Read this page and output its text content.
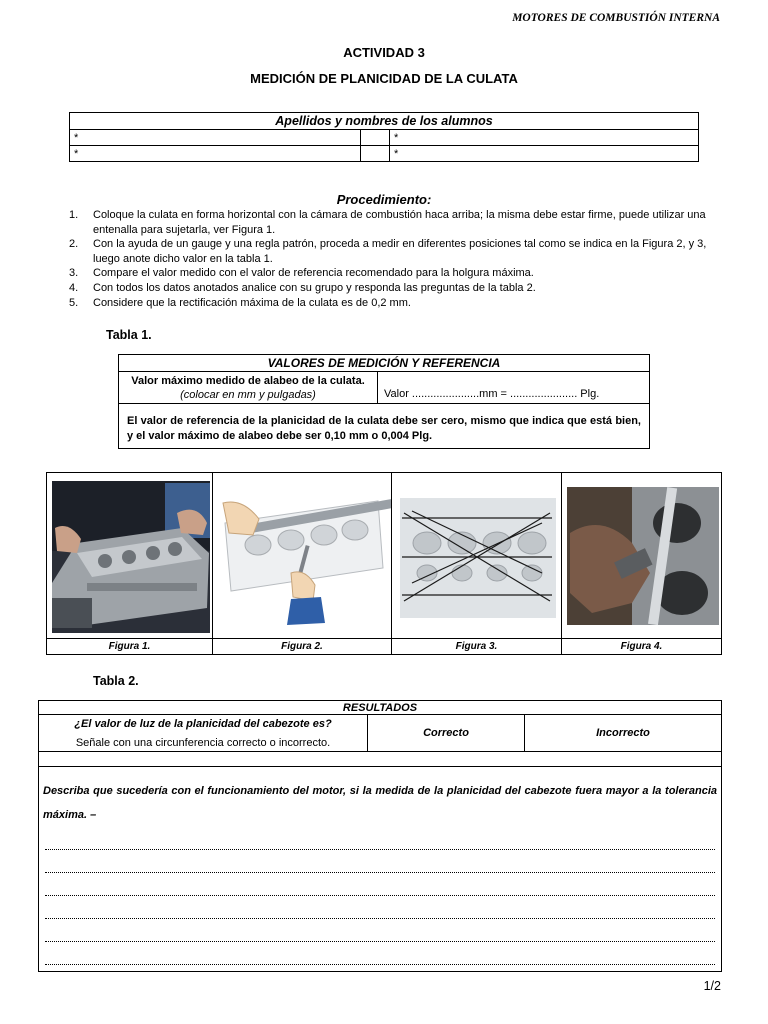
MOTORES DE COMBUSTIÓN INTERNA
ACTIVIDAD 3
MEDICIÓN DE PLANICIDAD DE LA CULATA
Apellidos y nombres de los alumnos		
*		*
*		*
Procedimiento:
1.	Coloque la culata en forma horizontal con la cámara de combustión haca arriba; la misma debe estar firme, puede utilizar una entenalla para sujetarla, ver Figura 1.
2.	Con la ayuda de un gauge y una regla patrón, proceda a medir en diferentes posiciones tal como se indica en la Figura 2, y 3, luego anote dicho valor en la tabla 1.
3.	Compare el valor medido con el valor de referencia recomendado para la holgura máxima.
4.	Con todos los datos anotados analice con su grupo y responda las preguntas de la tabla 2.
5.	Considere que la rectificación máxima de la culata es de 0,2 mm.
Tabla 1.
VALORES DE MEDICIÓN Y REFERENCIA

Valor máximo medido de alabeo de la culata.
(colocar en mm y pulgadas)	Valor ......................mm = ...................... Plg.
El valor de referencia de la planicidad de la culata debe ser cero, mismo que indica que está bien, y el valor máximo de alabeo debe ser 0,10 mm o 0,004 Plg.
Figura 1.	Figura 2.	Figura 3.	Figura 4.
Tabla 2.
RESULTADOS

¿El valor de luz de la planicidad del cabezote es?
Señale con una circunferencia correcto o incorrecto.
	Correcto	Incorrecto

Describa que sucedería con el funcionamiento del motor, si la medida de la planicidad del cabezote fuera mayor a la tolerancia máxima. –
1/2
